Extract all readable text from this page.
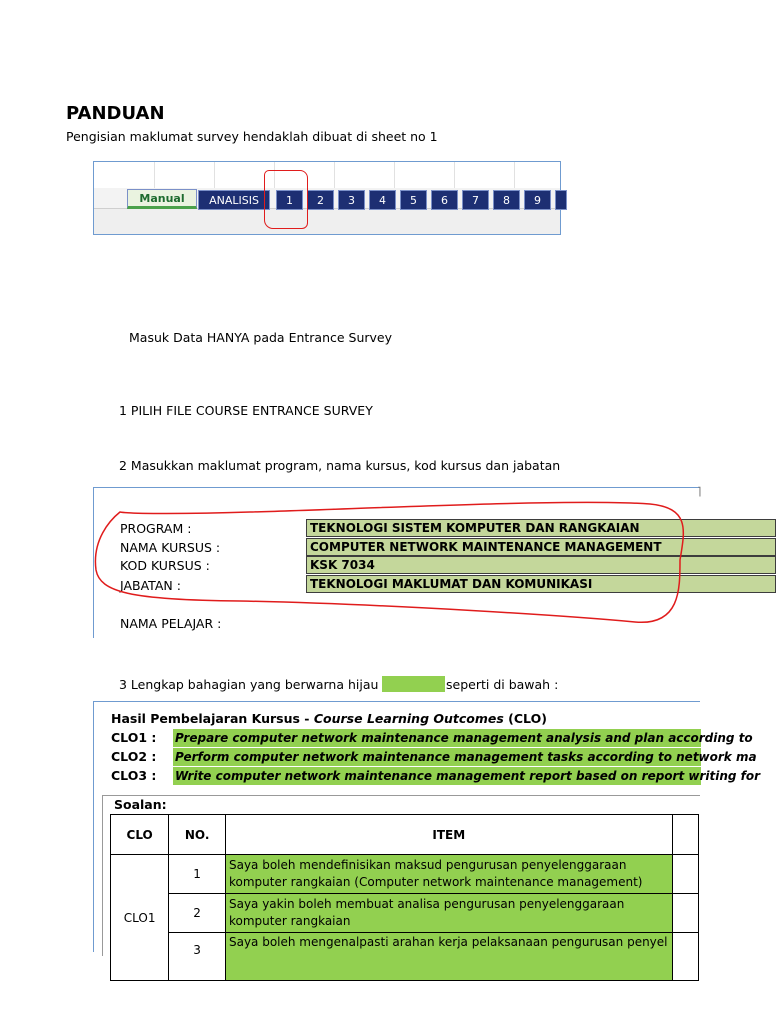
PANDUAN
Pengisian maklumat survey hendaklah dibuat di sheet no 1
Manual	ANALISIS	1	2	3	4	5	6	7	8	9
Masuk Data HANYA pada Entrance Survey
1 PILIH FILE COURSE ENTRANCE SURVEY
2 Masukkan maklumat program, nama kursus, kod kursus dan jabatan
⌉
PROGRAM :	TEKNOLOGI SISTEM KOMPUTER DAN RANGKAIAN
NAMA KURSUS :	COMPUTER NETWORK MAINTENANCE MANAGEMENT
KOD KURSUS :	KSK 7034
JABATAN :	TEKNOLOGI MAKLUMAT DAN KOMUNIKASI
NAMA PELAJAR :
3 Lengkap bahagian yang berwarna hijau	seperti di bawah :
Hasil Pembelajaran Kursus - Course Learning Outcomes (CLO)
CLO1 : Prepare computer network maintenance management analysis and plan according to
CLO2 : Perform computer network maintenance management tasks according to network ma
CLO3 : Write computer network maintenance management report based on report writing for
Soalan:
CLO	NO.	ITEM	
CLO1	1	Saya boleh mendefinisikan maksud pengurusan penyelenggaraan
komputer rangkaian (Computer network maintenance management)	

	2	Saya yakin boleh membuat analisa pengurusan penyelenggaraan
komputer rangkaian	

	3	Saya boleh mengenalpasti arahan kerja pelaksanaan pengurusan penyel	
